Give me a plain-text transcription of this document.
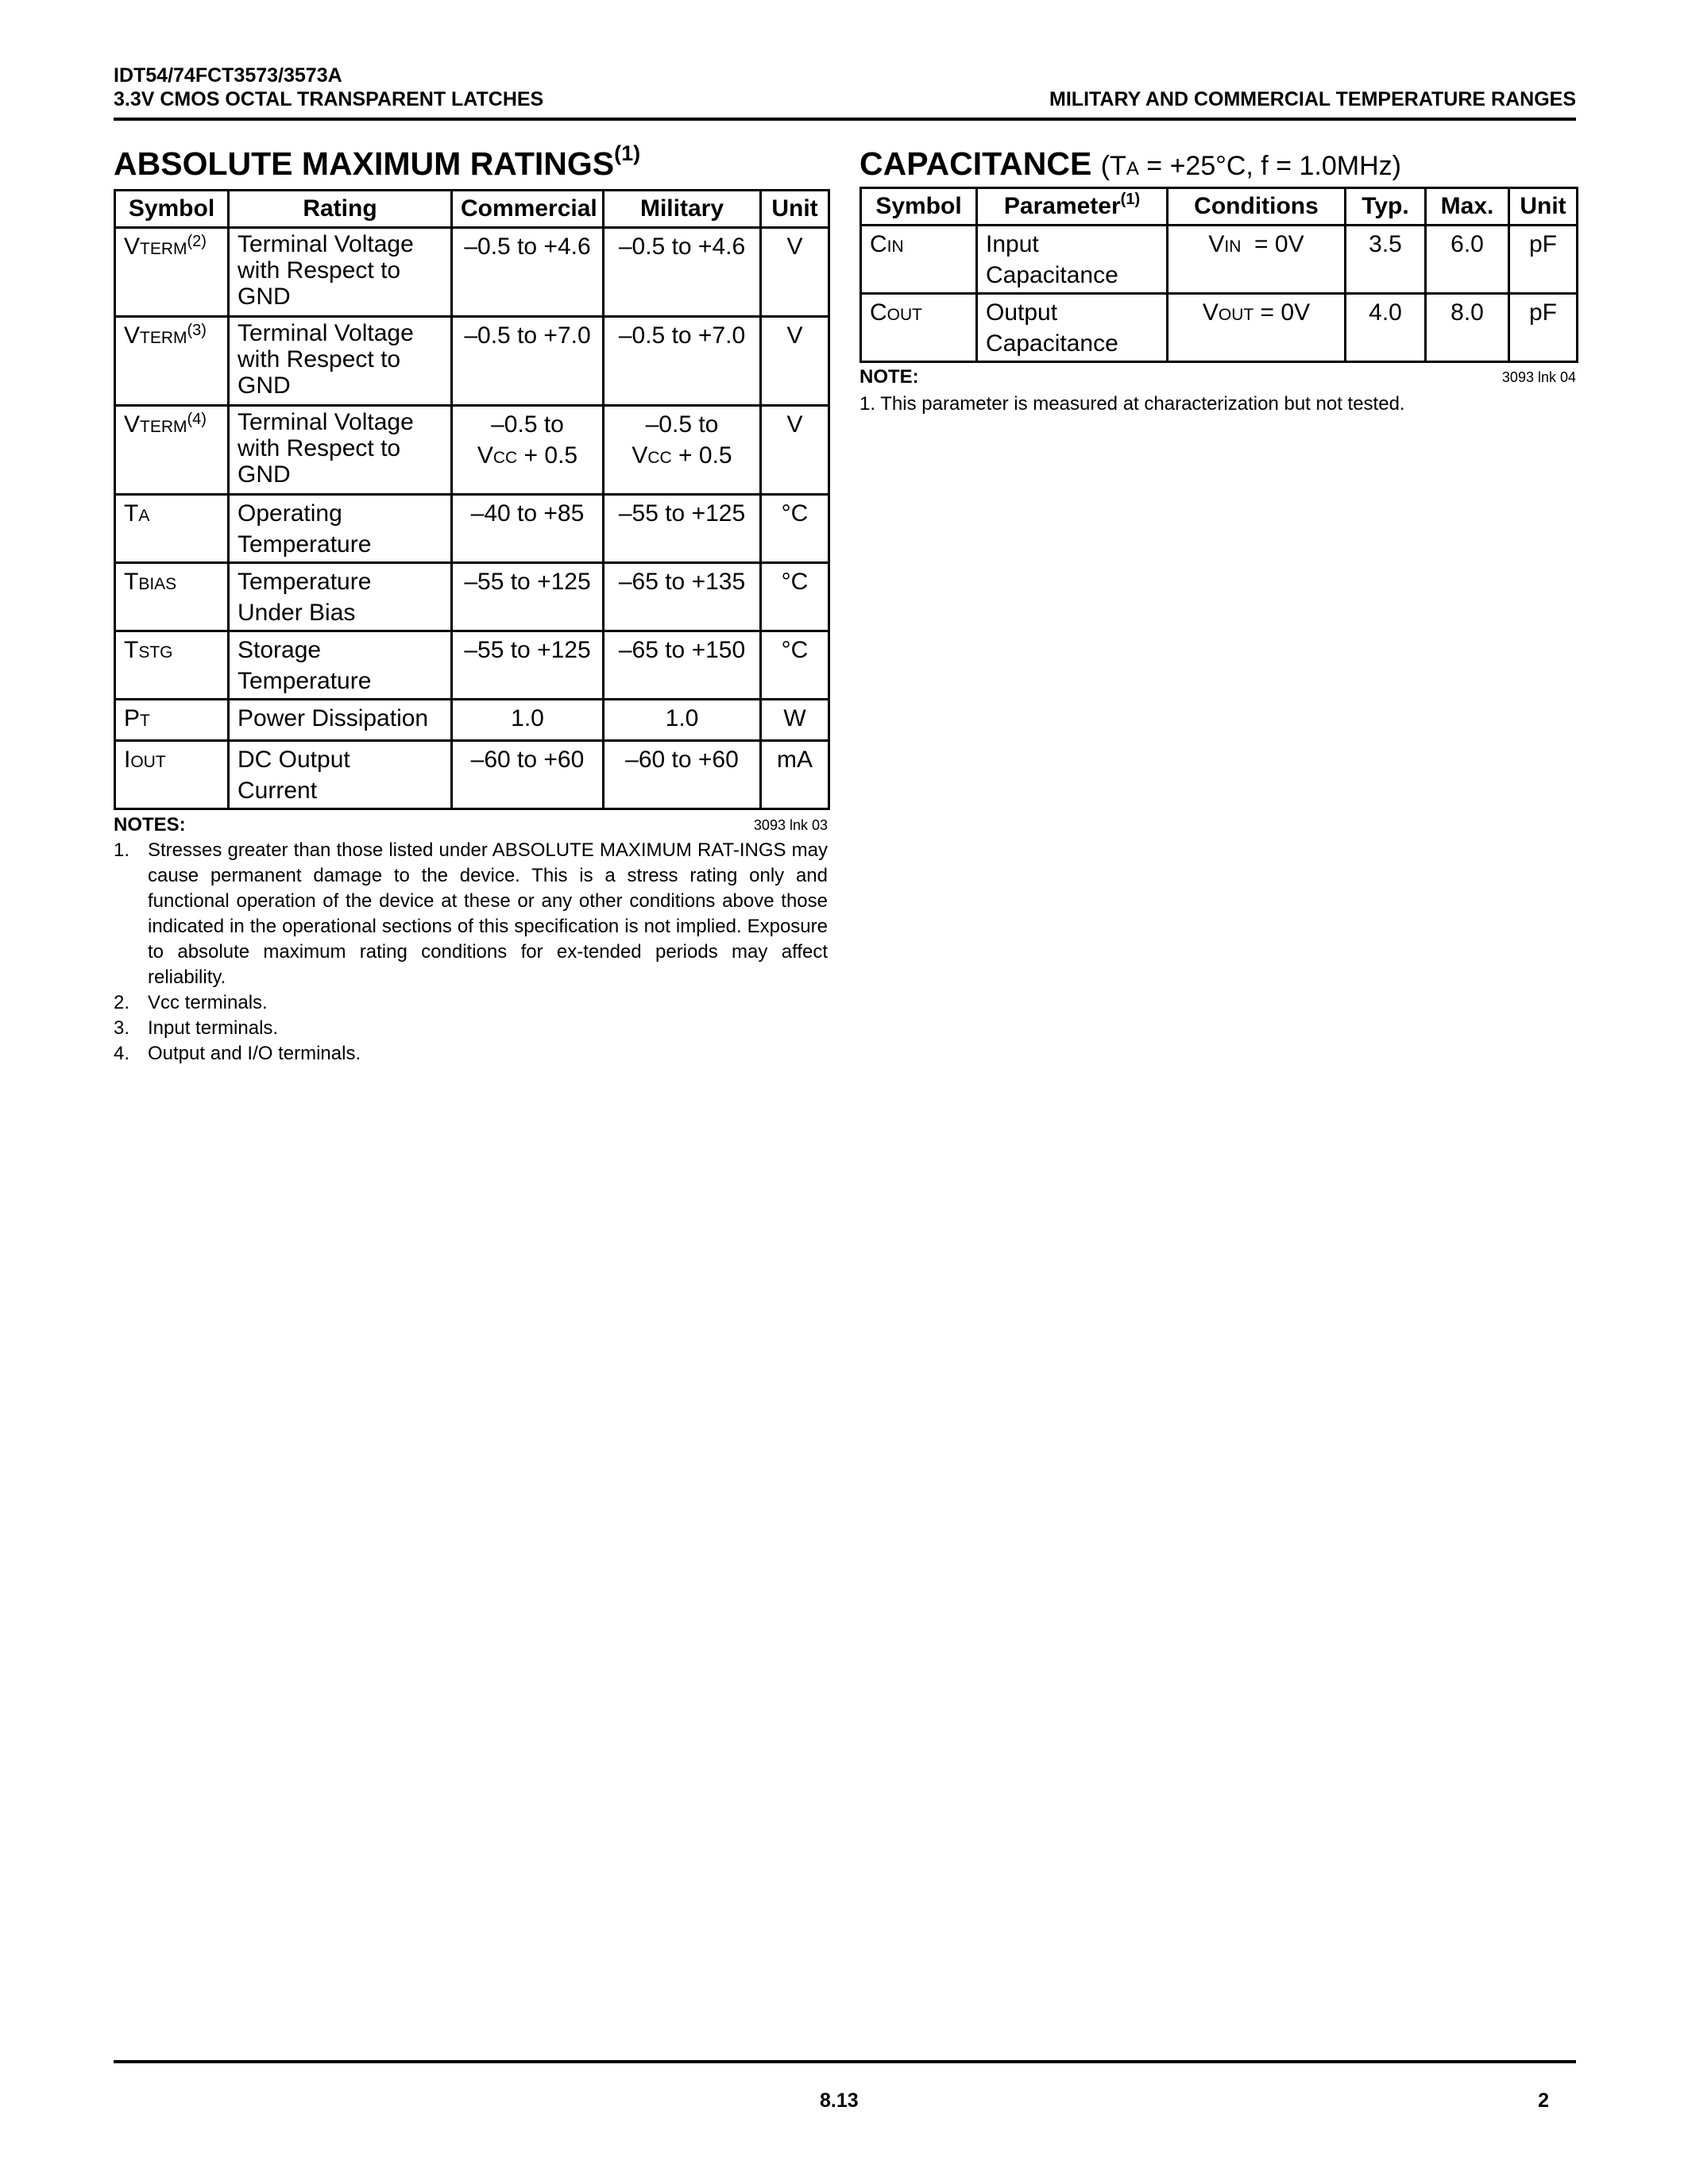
IDT54/74FCT3573/3573A
3.3V CMOS OCTAL TRANSPARENT LATCHES	MILITARY AND COMMERCIAL TEMPERATURE RANGES
ABSOLUTE MAXIMUM RATINGS$^{(1)}$
Symbol	Rating	Commercial	Military	Unit
VTERM$^{(2)}$	Terminal Voltage
with Respect to
GND	–0.5 to +4.6	–0.5 to +4.6	V
VTERM$^{(3)}$	Terminal Voltage
with Respect to
GND	–0.5 to +7.0	–0.5 to +7.0	V
VTERM$^{(4)}$	Terminal Voltage
with Respect to
GND	–0.5 to
VCC + 0.5	–0.5 to
VCC + 0.5	V
TA	Operating
Temperature	–40 to +85	–55 to +125	°C
TBIAS	Temperature
Under Bias	–55 to +125	–65 to +135	°C
TSTG	Storage
Temperature	–55 to +125	–65 to +150	°C
PT	Power Dissipation	1.0	1.0	W
IOUT	DC Output
Current	–60 to +60	–60 to +60	mA
NOTES:	3093 lnk 03
1. Stresses greater than those listed under ABSOLUTE MAXIMUM RAT-INGS may cause permanent damage to the device. This is a stress rating only and functional operation of the device at these or any other conditions above those indicated in the operational sections of this specification is not implied. Exposure to absolute maximum rating conditions for ex-tended periods may affect reliability.
2. Vcc terminals.
3. Input terminals.
4. Output and I/O terminals.
CAPACITANCE (TA = +25°C, f = 1.0MHz)
Symbol	Parameter$^{(1)}$	Conditions	Typ.	Max.	Unit
CIN	Input
Capacitance	VIN  = 0V	3.5	6.0	pF
COUT	Output
Capacitance	VOUT = 0V	4.0	8.0	pF
NOTE:	3093 lnk 04
1. This parameter is measured at characterization but not tested.
8.13	2
